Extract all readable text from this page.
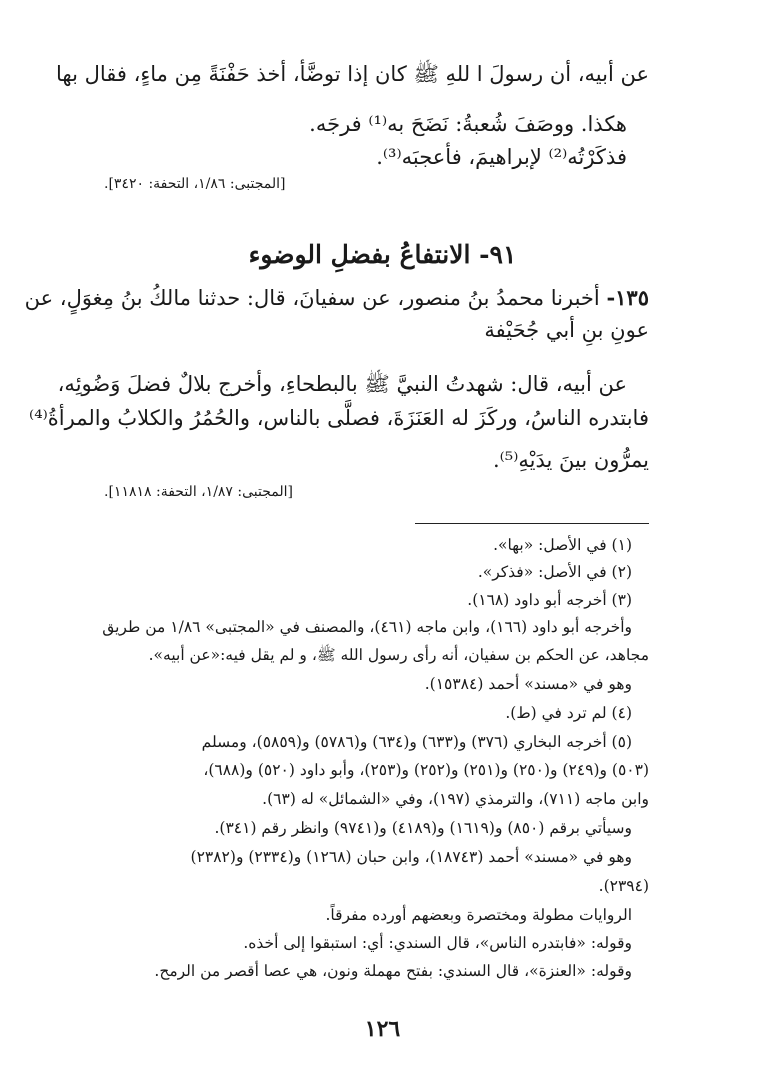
عن أبيه، أن رسولَ ا للهِ ﷺ كان إذا توضَّأ، أخذ حَفْنَةً مِن ماءٍ، فقال بها
هكذا. ووصَفَ شُعبةُ: نَضَحَ به⁽¹⁾ فرجَه.
فذكَرْتُه⁽²⁾ لإبراهيمَ، فأعجبَه⁽³⁾.
[المجتبى: ١/٨٦، التحفة: ٣٤٢٠].
٩١- الانتفاعُ بفضلِ الوضوء
١٣٥- أخبرنا محمدُ بنُ منصور، عن سفيانَ، قال: حدثنا مالكُ بنُ مِغوَلٍ، عن
عونِ بنِ أبي جُحَيْفة
عن أبيه، قال: شهدتُ النبيَّ ﷺ بالبطحاءِ، وأخرج بلالٌ فضلَ وَضُوئِه،
فابتدره الناسُ، وركَزَ له العَنَزَةَ، فصلَّى بالناس، والحُمُرُ والكلابُ والمرأةُ⁽⁴⁾
يمرُّون بينَ يدَيْهِ⁽⁵⁾.
[المجتبى: ١/٨٧، التحفة: ١١٨١٨].
(١) في الأصل: «بها».
(٢) في الأصل: «فذكر».
(٣) أخرجه أبو داود (١٦٨).
وأخرجه أبو داود (١٦٦)، وابن ماجه (٤٦١)، والمصنف في «المجتبى» ١/٨٦ من طريق
مجاهد، عن الحكم بن سفيان، أنه رأى رسول الله ﷺ، و لم يقل فيه:«عن أبيه».
وهو في «مسند» أحمد (١٥٣٨٤).
(٤) لم ترد في (ط).
(٥) أخرجه البخاري (٣٧٦) و(٦٣٣) و(٦٣٤) و(٥٧٨٦) و(٥٨٥٩)، ومسلم
(٥٠٣) و(٢٤٩) و(٢٥٠) و(٢٥١) و(٢٥٢) و(٢٥٣)، وأبو داود (٥٢٠) و(٦٨٨)،
وابن ماجه (٧١١)، والترمذي (١٩٧)، وفي «الشمائل» له (٦٣).
وسيأتي برقم (٨٥٠) و(١٦١٩) و(٤١٨٩) و(٩٧٤١) وانظر رقم (٣٤١).
وهو في «مسند» أحمد (١٨٧٤٣)، وابن حبان (١٢٦٨) و(٢٣٣٤) و(٢٣٨٢)
(٢٣٩٤).
الروايات مطولة ومختصرة وبعضهم أورده مفرقاً.
وقوله: «فابتدره الناس»، قال السندي: أي: استبقوا إلى أخذه.
وقوله: «العنزة»، قال السندي: بفتح مهملة ونون، هي عصا أقصر من الرمح.
١٢٦
